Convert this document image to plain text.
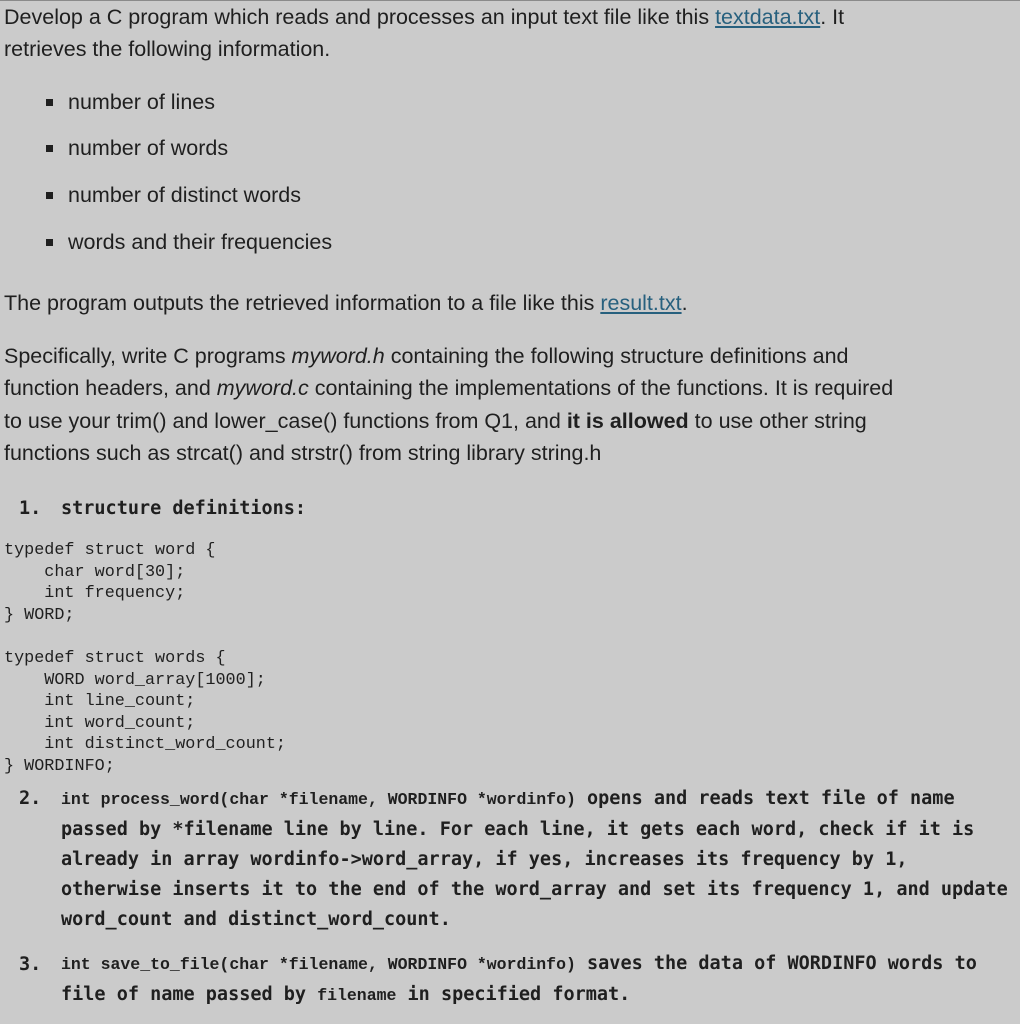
Develop a C program which reads and processes an input text file like this textdata.txt. It

retrieves the following information.

number of lines
number of words
number of distinct words
words and their frequencies

The program outputs the retrieved information to a file like this result.txt.

Specifically, write C programs myword.h containing the following structure definitions and

function headers, and myword.c containing the implementations of the functions. It is required

to use your trim() and lower_case() functions from Q1, and it is allowed to use other string

functions such as strcat() and strstr() from string library string.h

1. structure definitions:
typedef struct word {
char word[30];
int frequency;
} WORD;
typedef struct words {
WORD word_array[1000];
int line_count;
int word_count;
int distinct_word_count;
} WORDINFO;
2. int process_word(char *filename, WORDINFO *wordinfo) opens and reads text file of name passed by *filename line by line. For each line, it gets each word, check if it is already in array wordinfo->word_array, if yes, increases its frequency by 1, otherwise inserts it to the end of the word_array and set its frequency 1, and update word_count and distinct_word_count.
3. int save_to_file(char *filename, WORDINFO *wordinfo) saves the data of WORDINFO words to file of name passed by filename in specified format.
